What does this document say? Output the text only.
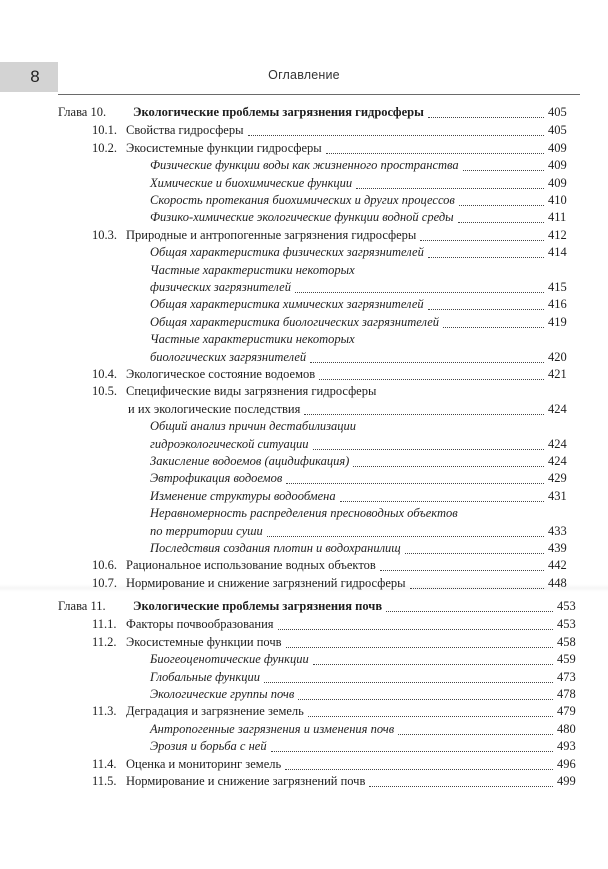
8	Оглавление
Глава 10. Экологические проблемы загрязнения гидросферы	405
10.1. Свойства гидросферы	405
10.2. Экосистемные функции гидросферы	409
Физические функции воды как жизненного пространства	409
Химические и биохимические функции	409
Скорость протекания биохимических и других процессов	410
Физико-химические экологические функции водной среды	411
10.3. Природные и антропогенные загрязнения гидросферы	412
Общая характеристика физических загрязнителей	414
Частные характеристики некоторых
физических загрязнителей	415
Общая характеристика химических загрязнителей	416
Общая характеристика биологических загрязнителей	419
Частные характеристики некоторых
биологических загрязнителей	420
10.4. Экологическое состояние водоемов	421
10.5. Специфические виды загрязнения гидросферы
и их экологические последствия	424
Общий анализ причин дестабилизации
гидроэкологической ситуации	424
Закисление водоемов (ацидификация)	424
Эвтрофикация водоемов	429
Изменение структуры водообмена	431
Неравномерность распределения пресноводных объектов
по территории суши	433
Последствия создания плотин и водохранилищ	439
10.6. Рациональное использование водных объектов	442
10.7. Нормирование и снижение загрязнений гидросферы	448
Глава 11. Экологические проблемы загрязнения почв	453
11.1. Факторы почвообразования	453
11.2. Экосистемные функции почв	458
Биогеоценотические функции	459
Глобальные функции	473
Экологические группы почв	478
11.3. Деградация и загрязнение земель	479
Антропогенные загрязнения и изменения почв	480
Эрозия и борьба с ней	493
11.4. Оценка и мониторинг земель	496
11.5. Нормирование и снижение загрязнений почв	499
